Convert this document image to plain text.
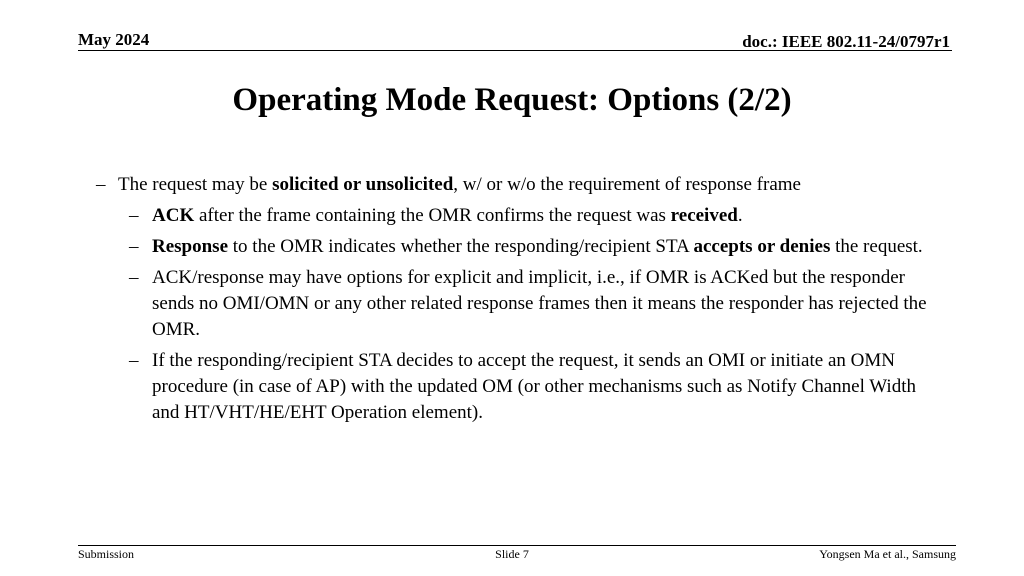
May 2024	doc.: IEEE 802.11-24/0797r1
Operating Mode Request: Options (2/2)
– The request may be solicited or unsolicited, w/ or w/o the requirement of response frame
– ACK after the frame containing the OMR confirms the request was received.
– Response to the OMR indicates whether the responding/recipient STA accepts or denies the request.
– ACK/response may have options for explicit and implicit, i.e., if OMR is ACKed but the responder sends no OMI/OMN or any other related response frames then it means the responder has rejected the OMR.
– If the responding/recipient STA decides to accept the request, it sends an OMI or initiate an OMN procedure (in case of AP) with the updated OM (or other mechanisms such as Notify Channel Width and HT/VHT/HE/EHT Operation element).
Submission	Slide 7	Yongsen Ma et al., Samsung
